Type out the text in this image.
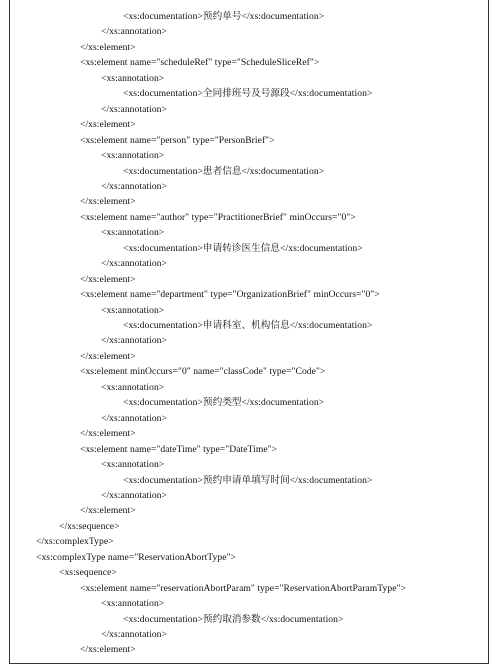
<xs:documentation>预约单号</xs:documentation>
</xs:annotation>
</xs:element>
<xs:element name="scheduleRef" type="ScheduleSliceRef">
<xs:annotation>
<xs:documentation>全同排班号及号源段</xs:documentation>
</xs:annotation>
</xs:element>
<xs:element name="person" type="PersonBrief">
<xs:annotation>
<xs:documentation>患者信息</xs:documentation>
</xs:annotation>
</xs:element>
<xs:element name="author" type="PractitionerBrief" minOccurs="0">
<xs:annotation>
<xs:documentation>申请转诊医生信息</xs:documentation>
</xs:annotation>
</xs:element>
<xs:element name="department" type="OrganizationBrief" minOccurs="0">
<xs:annotation>
<xs:documentation>申请科室、机构信息</xs:documentation>
</xs:annotation>
</xs:element>
<xs:element minOccurs="0" name="classCode" type="Code">
<xs:annotation>
<xs:documentation>预约类型</xs:documentation>
</xs:annotation>
</xs:element>
<xs:element name="dateTime" type="DateTime">
<xs:annotation>
<xs:documentation>预约申请单填写时间</xs:documentation>
</xs:annotation>
</xs:element>
</xs:sequence>
</xs:complexType>
<xs:complexType name="ReservationAbortType">
<xs:sequence>
<xs:element name="reservationAbortParam" type="ReservationAbortParamType">
<xs:annotation>
<xs:documentation>预约取消参数</xs:documentation>
</xs:annotation>
</xs:element>
